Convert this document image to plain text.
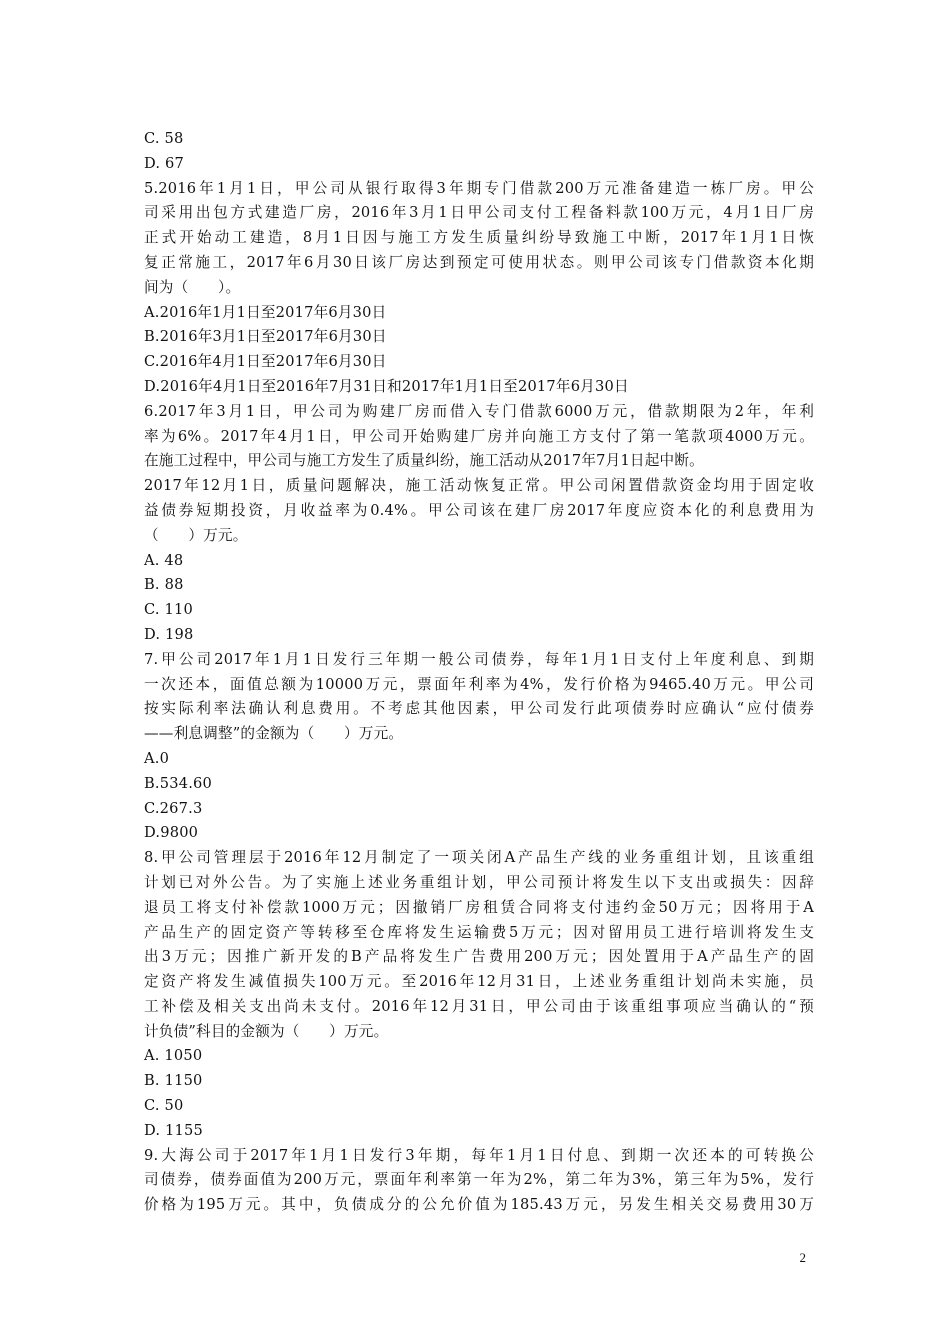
C. 58
D. 67
5.2016年1月1日，甲公司从银行取得3年期专门借款200万元准备建造一栋厂房。甲公
司采用出包方式建造厂房，2016年3月1日甲公司支付工程备料款100万元，4月1日厂房
正式开始动工建造，8月1日因与施工方发生质量纠纷导致施工中断，2017年1月1日恢
复正常施工，2017年6月30日该厂房达到预定可使用状态。则甲公司该专门借款资本化期
间为（　　）。
A.2016年1月1日至2017年6月30日
B.2016年3月1日至2017年6月30日
C.2016年4月1日至2017年6月30日
D.2016年4月1日至2016年7月31日和2017年1月1日至2017年6月30日
6.2017年3月1日，甲公司为购建厂房而借入专门借款6000万元，借款期限为2年，年利
率为6%。2017年4月1日，甲公司开始购建厂房并向施工方支付了第一笔款项4000万元。
在施工过程中，甲公司与施工方发生了质量纠纷，施工活动从2017年7月1日起中断。
2017年12月1日，质量问题解决，施工活动恢复正常。甲公司闲置借款资金均用于固定收
益债券短期投资，月收益率为0.4%。甲公司该在建厂房2017年度应资本化的利息费用为
（　　）万元。
A. 48
B. 88
C. 110
D. 198
7.甲公司2017年1月1日发行三年期一般公司债券，每年1月1日支付上年度利息、到期
一次还本，面值总额为10000万元，票面年利率为4%，发行价格为9465.40万元。甲公司
按实际利率法确认利息费用。不考虑其他因素，甲公司发行此项债券时应确认“应付债券
——利息调整”的金额为（　　）万元。
A.0
B.534.60
C.267.3
D.9800
8.甲公司管理层于2016年12月制定了一项关闭A产品生产线的业务重组计划，且该重组
计划已对外公告。为了实施上述业务重组计划，甲公司预计将发生以下支出或损失：因辞
退员工将支付补偿款1000万元；因撤销厂房租赁合同将支付违约金50万元；因将用于A
产品生产的固定资产等转移至仓库将发生运输费5万元；因对留用员工进行培训将发生支
出3万元；因推广新开发的B产品将发生广告费用200万元；因处置用于A产品生产的固
定资产将发生减值损失100万元。至2016年12月31日，上述业务重组计划尚未实施，员
工补偿及相关支出尚未支付。2016年12月31日，甲公司由于该重组事项应当确认的“预
计负债”科目的金额为（　　）万元。
A. 1050
B. 1150
C. 50
D. 1155
9.大海公司于2017年1月1日发行3年期，每年1月1日付息、到期一次还本的可转换公
司债券，债券面值为200万元，票面年利率第一年为2%，第二年为3%，第三年为5%，发行
价格为195万元。其中，负债成分的公允价值为185.43万元，另发生相关交易费用30万
2
